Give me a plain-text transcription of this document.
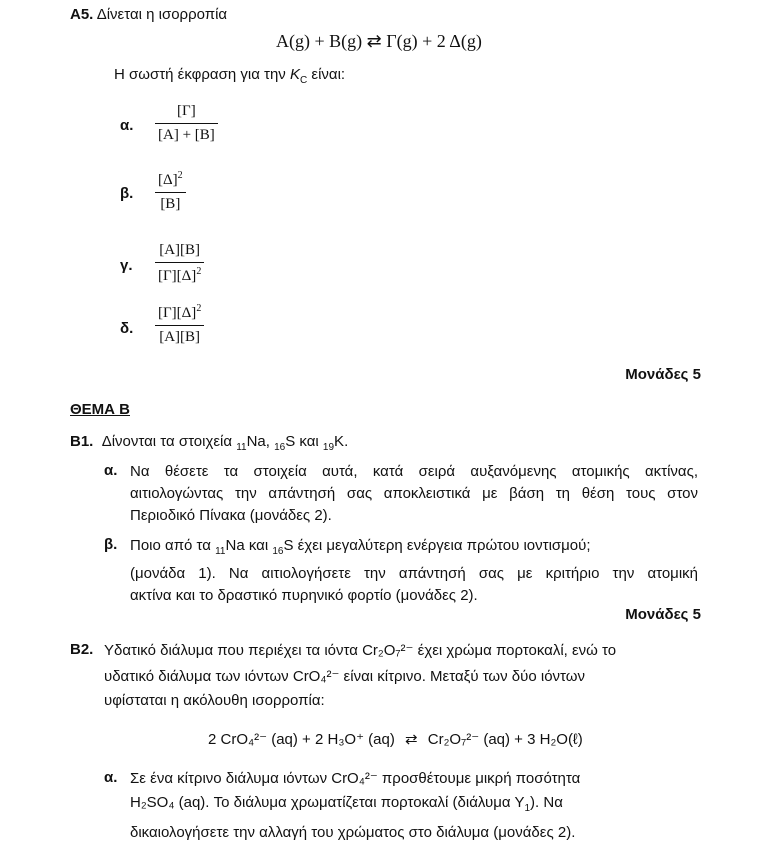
Α5. Δίνεται η ισορροπία
A(g) + B(g) ⇄ Γ(g) + 2 Δ(g)
Η σωστή έκφραση για την $K_C$ είναι:
α.
[Γ]
[A] + [B]
β.
$[\Delta]^2$
[B]
γ.
[A][B]
$[\Gamma][\Delta]^2$
δ.
$[\Gamma][\Delta]^2$
[A][B]
Μονάδες 5
ΘΕΜΑ Β
Β1. Δίνονται τα στοιχεία $_{11}$Na, $_{16}$S και $_{19}$K.
α. Να θέσετε τα στοιχεία αυτά, κατά σειρά αυξανόμενης ατομικής ακτίνας,
αιτιολογώντας την απάντησή σας αποκλειστικά με βάση τη θέση τους στον
Περιοδικό Πίνακα (μονάδες 2).
β. Ποιο από τα $_{11}$Na και $_{16}$S έχει μεγαλύτερη ενέργεια πρώτου ιοντισμού;
(μονάδα 1). Να αιτιολογήσετε την απάντησή σας με κριτήριο την ατομική
ακτίνα και το δραστικό πυρηνικό φορτίο (μονάδες 2).
Μονάδες 5
Β2. Υδατικό διάλυμα που περιέχει τα ιόντα Cr₂O₇²⁻ έχει χρώμα πορτοκαλί, ενώ το
υδατικό διάλυμα των ιόντων CrO₄²⁻ είναι κίτρινο. Μεταξύ των δύο ιόντων
υφίσταται η ακόλουθη ισορροπία:
2 CrO₄²⁻ (aq) + 2 H₃O⁺ (aq) ⇄ Cr₂O₇²⁻ (aq) + 3 H₂O(ℓ)
α. Σε ένα κίτρινο διάλυμα ιόντων CrO₄²⁻ προσθέτουμε μικρή ποσότητα
H₂SO₄ (aq). Το διάλυμα χρωματίζεται πορτοκαλί (διάλυμα $\Upsilon_1$). Να
δικαιολογήσετε την αλλαγή του χρώματος στο διάλυμα (μονάδες 2).
